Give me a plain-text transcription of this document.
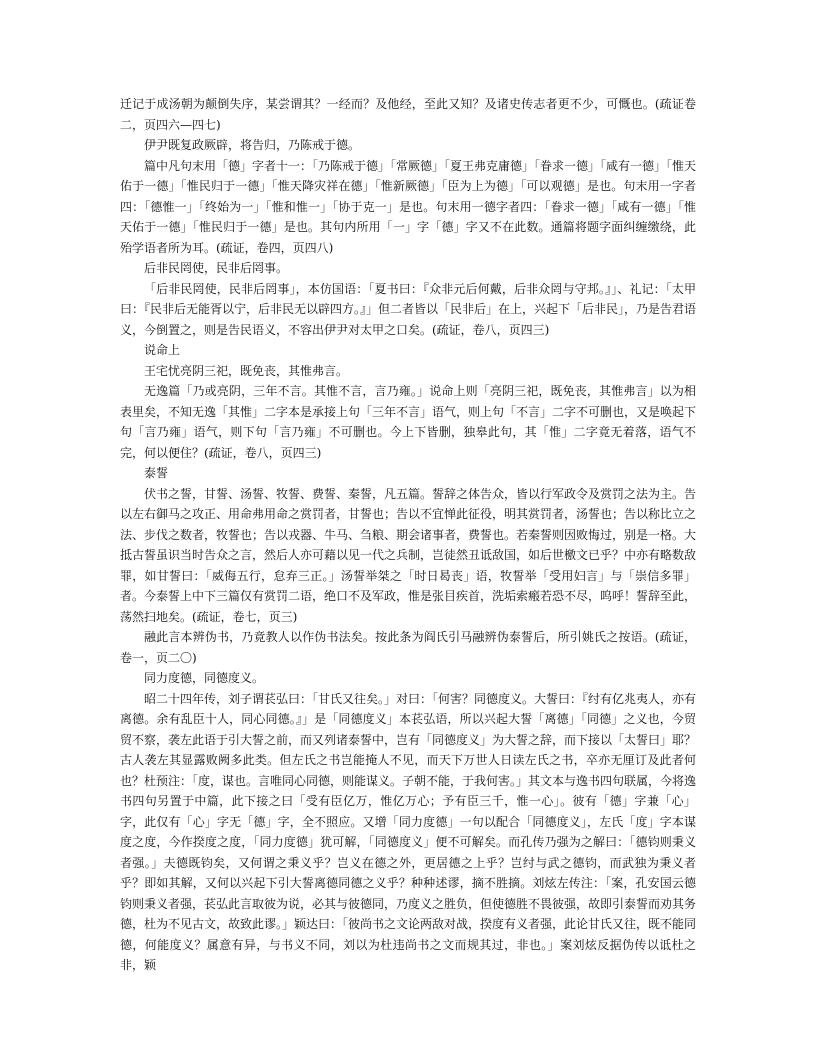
迁记于成汤朝为颠倒失序，某尝谓其？一经而？及他经，至此又知？及诸史传志者更不少，可慨也。(疏证卷二，页四六—四七)

伊尹既复政厥辟，将告归，乃陈戒于德。

篇中凡句末用「德」字者十一：「乃陈戒于德」「常厥德」「夏王弗克庸德」「眷求一德」「咸有一德」「惟天佑于一德」「惟民归于一德」「惟天降灾祥在德」「惟新厥德」「臣为上为德」「可以观德」是也。句末用一字者四：「德惟一」「终始为一」「惟和惟一」「协于克一」是也。句末用一德字者四：「眷求一德」「咸有一德」「惟天佑于一德」「惟民归于一德」是也。其句内所用「一」字「德」字又不在此数。通篇将题字面纠缠缴绕，此殆学语者所为耳。(疏证，卷四，页四八)

后非民罔使，民非后罔事。

「后非民罔使，民非后罔事」，本仿国语：「夏书曰：『众非元后何戴，后非众罔与守邦。』」、礼记：「太甲曰：『民非后无能胥以宁，后非民无以辟四方。』」但二者皆以「民非后」在上，兴起下「后非民」，乃是告君语义，今倒置之，则是告民语义，不容出伊尹对太甲之口矣。(疏证，卷八，页四三)

说命上

王宅忧亮阴三祀，既免丧，其惟弗言。

无逸篇「乃或亮阴，三年不言。其惟不言，言乃雍。」说命上则「亮阴三祀，既免丧，其惟弗言」以为相表里矣，不知无逸「其惟」二字本是承接上句「三年不言」语气，则上句「不言」二字不可删也，又是唤起下句「言乃雍」语气，则下句「言乃雍」不可删也。今上下皆删，独皋此句，其「惟」二字竟无着落，语气不完，何以便住？(疏证，卷八，页四三)

泰誓

伏书之誓，甘誓、汤誓、牧誓、费誓、秦誓，凡五篇。誓辞之体告众，皆以行军政令及赏罚之法为主。告以左右御马之攻正、用命弗用命之赏罚者，甘誓也；告以不宜惮此征役，明其赏罚者，汤誓也；告以称比立之法、步伐之数者，牧誓也；告以戎器、牛马、刍粮、期会诸事者，费誓也。若秦誓则因败悔过，别是一格。大抵古誓虽识当时告众之言，然后人亦可藉以见一代之兵制，岂徒然丑诋敌国，如后世檄文已乎？中亦有略数敌罪，如甘誓曰：「威侮五行，怠弃三正。」汤誓举桀之「时日曷丧」语，牧誓举「受用妇言」与「崇信多罪」者。今泰誓上中下三篇仅有赏罚二语，绝口不及军政，惟是张目疾首，洗垢索瘢若恐不尽，呜呼！誓辞至此，荡然扫地矣。(疏证，卷七，页三)

融此言本辨伪书，乃竟教人以作伪书法矣。按此条为阎氏引马融辨伪泰誓后，所引姚氏之按语。(疏证，卷一，页二〇)

同力度德，同德度义。

昭二十四年传，刘子谓苌弘曰：「甘氏又往矣。」对曰：「何害？同德度义。大誓曰：『纣有亿兆夷人，亦有离德。余有乱臣十人，同心同德。』」是「同德度义」本苌弘语，所以兴起大誓「离德」「同德」之义也，今贸贸不察，袭左此语于引大誓之前，而又列诸泰誓中，岂有「同德度义」为大誓之辞，而下接以「太誓曰」耶？古人袭左其显露败阙多此类。但左氏之书岂能掩人不见，而天下万世人日读左氏之书，卒亦无厘订及此者何也？杜预注：「度，谋也。言唯同心同德，则能谋义。子朝不能，于我何害。」其文本与逸书四句联属，今将逸书四句另置于中篇，此下接之曰「受有臣亿万，惟亿万心；予有臣三千，惟一心」。彼有「德」字兼「心」字，此仅有「心」字无「德」字，全不照应。又增「同力度德」一句以配合「同德度义」，左氏「度」字本谋度之度，今作揆度之度，「同力度德」犹可解，「同德度义」便不可解矣。而孔传乃强为之解曰：「德钧则秉义者强。」夫德既钧矣，又何谓之秉义乎？岂义在德之外，更居德之上乎？岂纣与武之德钧，而武独为秉义者乎？即如其解，又何以兴起下引大誓离德同德之义乎？种种述谬，摘不胜摘。刘炫左传注：「案，孔安国云德钧则秉义者强，苌弘此言取彼为说，必其与彼德同，乃度义之胜负，但使德胜不畏彼强，故即引泰誓而劝其务德，杜为不见古文，故致此谬。」颖达曰：「彼尚书之文论两敌对战，揆度有义者强，此论甘氏又往，既不能同德，何能度义？属意有异，与书义不同，刘以为杜违尚书之文而规其过，非也。」案刘炫反据伪传以诋杜之非，颖
